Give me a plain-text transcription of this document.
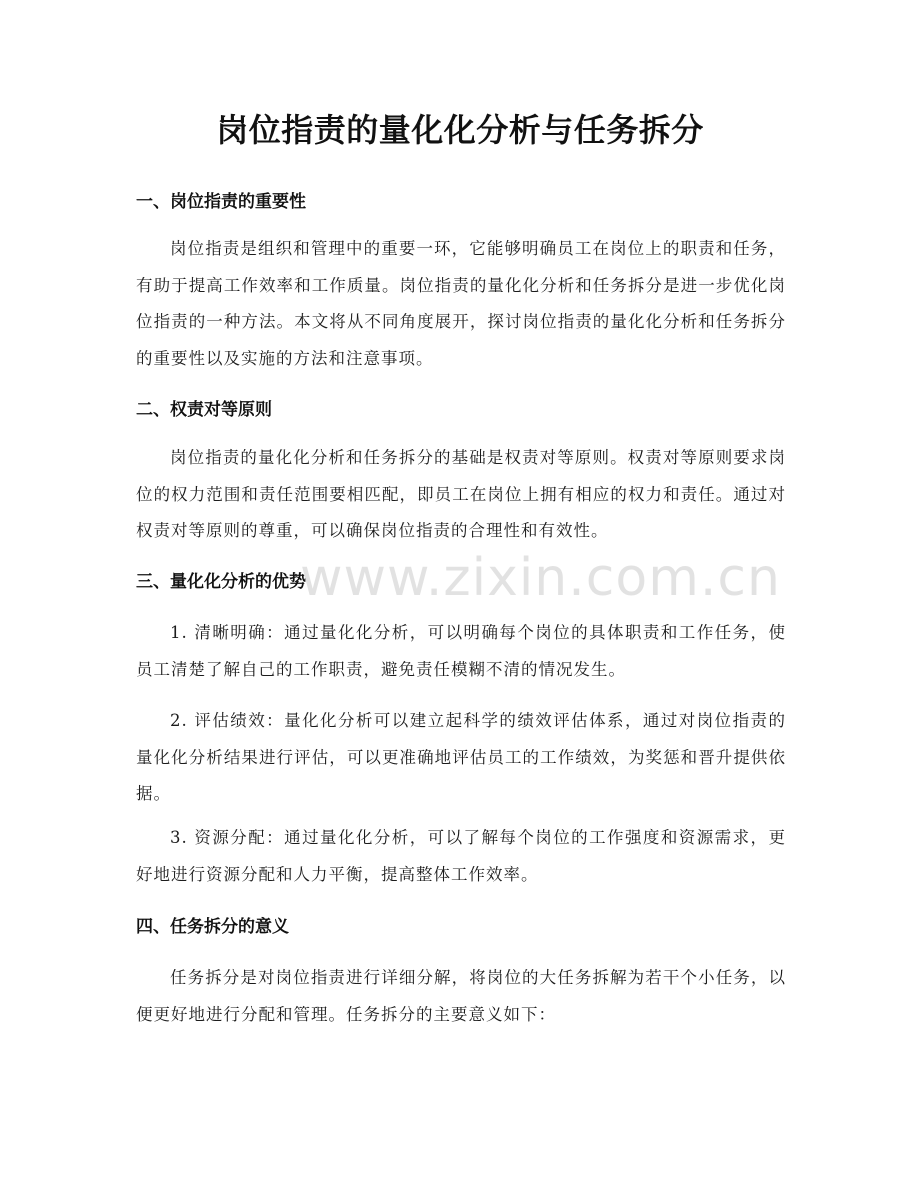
岗位指责的量化化分析与任务拆分
一、岗位指责的重要性

岗位指责是组织和管理中的重要一环，它能够明确员工在岗位上的职责和任务，有助于提高工作效率和工作质量。岗位指责的量化化分析和任务拆分是进一步优化岗位指责的一种方法。本文将从不同角度展开，探讨岗位指责的量化化分析和任务拆分的重要性以及实施的方法和注意事项。

二、权责对等原则

岗位指责的量化化分析和任务拆分的基础是权责对等原则。权责对等原则要求岗位的权力范围和责任范围要相匹配，即员工在岗位上拥有相应的权力和责任。通过对权责对等原则的尊重，可以确保岗位指责的合理性和有效性。

三、量化化分析的优势

1. 清晰明确：通过量化化分析，可以明确每个岗位的具体职责和工作任务，使员工清楚了解自己的工作职责，避免责任模糊不清的情况发生。

2. 评估绩效：量化化分析可以建立起科学的绩效评估体系，通过对岗位指责的量化化分析结果进行评估，可以更准确地评估员工的工作绩效，为奖惩和晋升提供依据。

3. 资源分配：通过量化化分析，可以了解每个岗位的工作强度和资源需求，更好地进行资源分配和人力平衡，提高整体工作效率。

四、任务拆分的意义

任务拆分是对岗位指责进行详细分解，将岗位的大任务拆解为若干个小任务，以便更好地进行分配和管理。任务拆分的主要意义如下：

www.zixin.com.cn
